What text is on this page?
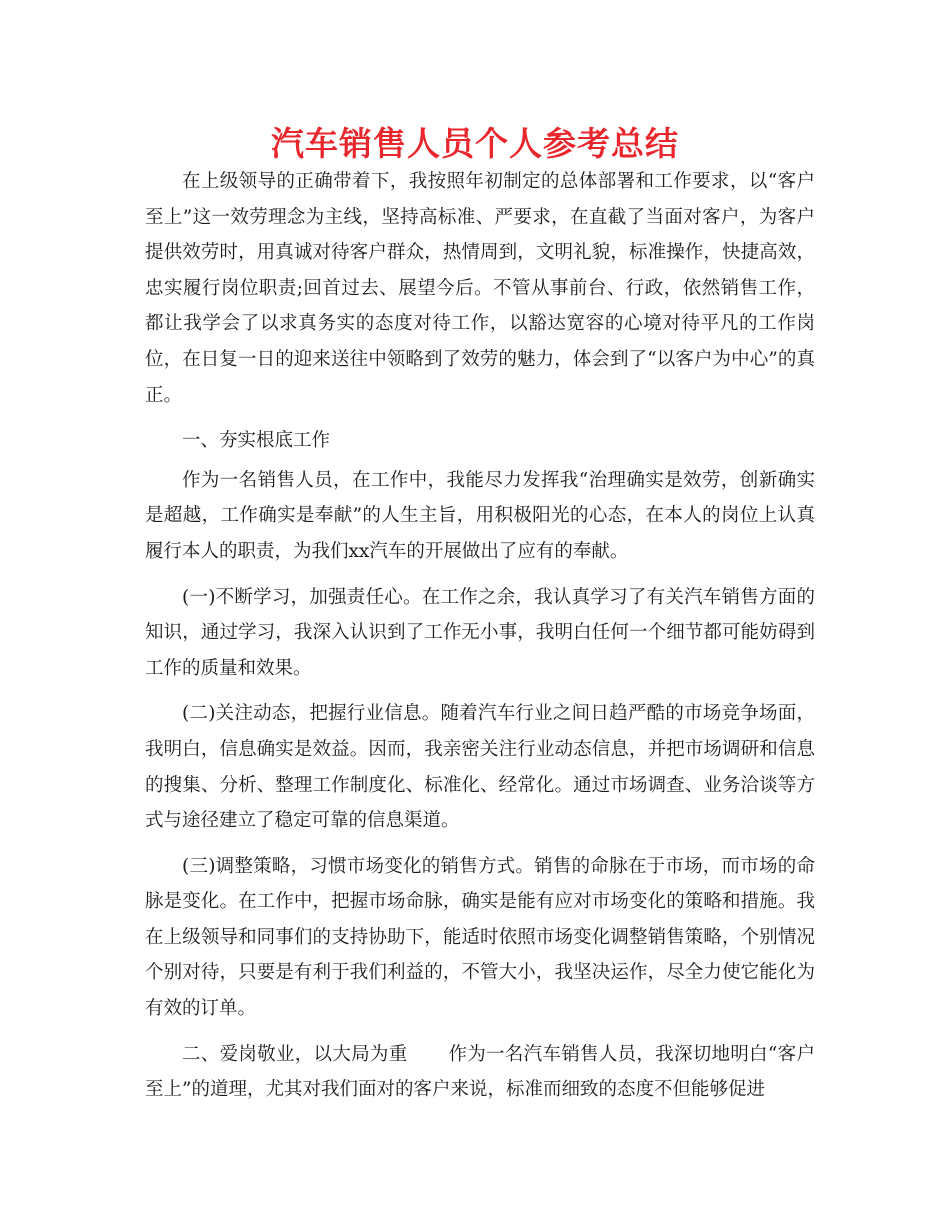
汽车销售人员个人参考总结

在上级领导的正确带着下，我按照年初制定的总体部署和工作要求，以“客户至上”这一效劳理念为主线，坚持高标准、严要求，在直截了当面对客户，为客户提供效劳时，用真诚对待客户群众，热情周到，文明礼貌，标准操作，快捷高效，忠实履行岗位职责;回首过去、展望今后。不管从事前台、行政，依然销售工作，都让我学会了以求真务实的态度对待工作，以豁达宽容的心境对待平凡的工作岗位，在日复一日的迎来送往中领略到了效劳的魅力，体会到了“以客户为中心”的真正。

一、夯实根底工作

作为一名销售人员，在工作中，我能尽力发挥我“治理确实是效劳，创新确实是超越，工作确实是奉献”的人生主旨，用积极阳光的心态，在本人的岗位上认真履行本人的职责，为我们xx汽车的开展做出了应有的奉献。

(一)不断学习，加强责任心。在工作之余，我认真学习了有关汽车销售方面的知识，通过学习，我深入认识到了工作无小事，我明白任何一个细节都可能妨碍到工作的质量和效果。

(二)关注动态，把握行业信息。随着汽车行业之间日趋严酷的市场竞争场面，我明白，信息确实是效益。因而，我亲密关注行业动态信息，并把市场调研和信息的搜集、分析、整理工作制度化、标准化、经常化。通过市场调查、业务洽谈等方式与途径建立了稳定可靠的信息渠道。

(三)调整策略，习惯市场变化的销售方式。销售的命脉在于市场，而市场的命脉是变化。在工作中，把握市场命脉，确实是能有应对市场变化的策略和措施。我在上级领导和同事们的支持协助下，能适时依照市场变化调整销售策略，个别情况个别对待，只要是有利于我们利益的，不管大小，我坚决运作，尽全力使它能化为有效的订单。

二、爱岗敬业，以大局为重 作为一名汽车销售人员，我深切地明白“客户至上”的道理，尤其对我们面对的客户来说，标准而细致的态度不但能够促进
